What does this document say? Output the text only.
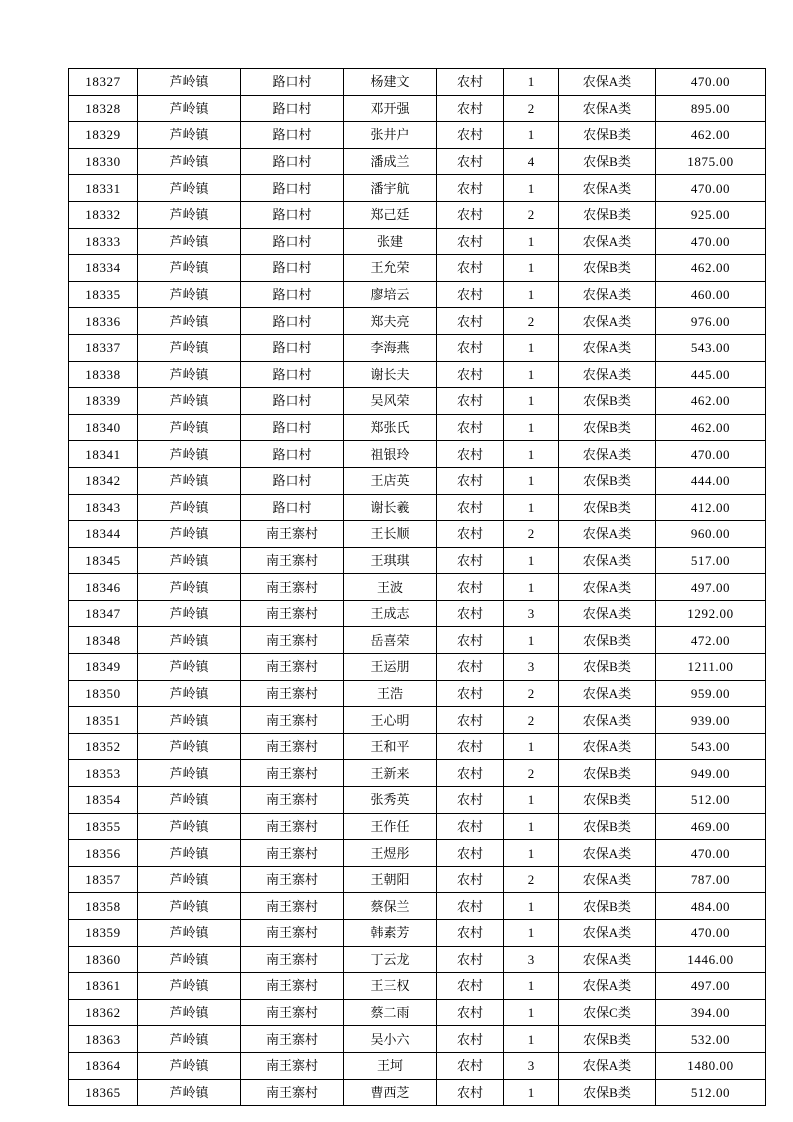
18327	芦岭镇	路口村	杨建文	农村	1	农保A类	470.00
18328	芦岭镇	路口村	邓开强	农村	2	农保A类	895.00
18329	芦岭镇	路口村	张井户	农村	1	农保B类	462.00
18330	芦岭镇	路口村	潘成兰	农村	4	农保B类	1875.00
18331	芦岭镇	路口村	潘宇航	农村	1	农保A类	470.00
18332	芦岭镇	路口村	郑己廷	农村	2	农保B类	925.00
18333	芦岭镇	路口村	张建	农村	1	农保A类	470.00
18334	芦岭镇	路口村	王允荣	农村	1	农保B类	462.00
18335	芦岭镇	路口村	廖培云	农村	1	农保A类	460.00
18336	芦岭镇	路口村	郑夫亮	农村	2	农保A类	976.00
18337	芦岭镇	路口村	李海燕	农村	1	农保A类	543.00
18338	芦岭镇	路口村	谢长夫	农村	1	农保A类	445.00
18339	芦岭镇	路口村	吴风荣	农村	1	农保B类	462.00
18340	芦岭镇	路口村	郑张氏	农村	1	农保B类	462.00
18341	芦岭镇	路口村	祖银玲	农村	1	农保A类	470.00
18342	芦岭镇	路口村	王店英	农村	1	农保B类	444.00
18343	芦岭镇	路口村	谢长羲	农村	1	农保B类	412.00
18344	芦岭镇	南王寨村	王长顺	农村	2	农保A类	960.00
18345	芦岭镇	南王寨村	王琪琪	农村	1	农保A类	517.00
18346	芦岭镇	南王寨村	王波	农村	1	农保A类	497.00
18347	芦岭镇	南王寨村	王成志	农村	3	农保A类	1292.00
18348	芦岭镇	南王寨村	岳喜荣	农村	1	农保B类	472.00
18349	芦岭镇	南王寨村	王运朋	农村	3	农保B类	1211.00
18350	芦岭镇	南王寨村	王浩	农村	2	农保A类	959.00
18351	芦岭镇	南王寨村	王心明	农村	2	农保A类	939.00
18352	芦岭镇	南王寨村	王和平	农村	1	农保A类	543.00
18353	芦岭镇	南王寨村	王新来	农村	2	农保B类	949.00
18354	芦岭镇	南王寨村	张秀英	农村	1	农保B类	512.00
18355	芦岭镇	南王寨村	王作任	农村	1	农保B类	469.00
18356	芦岭镇	南王寨村	王煜彤	农村	1	农保A类	470.00
18357	芦岭镇	南王寨村	王朝阳	农村	2	农保A类	787.00
18358	芦岭镇	南王寨村	蔡保兰	农村	1	农保B类	484.00
18359	芦岭镇	南王寨村	韩素芳	农村	1	农保A类	470.00
18360	芦岭镇	南王寨村	丁云龙	农村	3	农保A类	1446.00
18361	芦岭镇	南王寨村	王三权	农村	1	农保A类	497.00
18362	芦岭镇	南王寨村	蔡二雨	农村	1	农保C类	394.00
18363	芦岭镇	南王寨村	吴小六	农村	1	农保B类	532.00
18364	芦岭镇	南王寨村	王坷	农村	3	农保A类	1480.00
18365	芦岭镇	南王寨村	曹西芝	农村	1	农保B类	512.00
